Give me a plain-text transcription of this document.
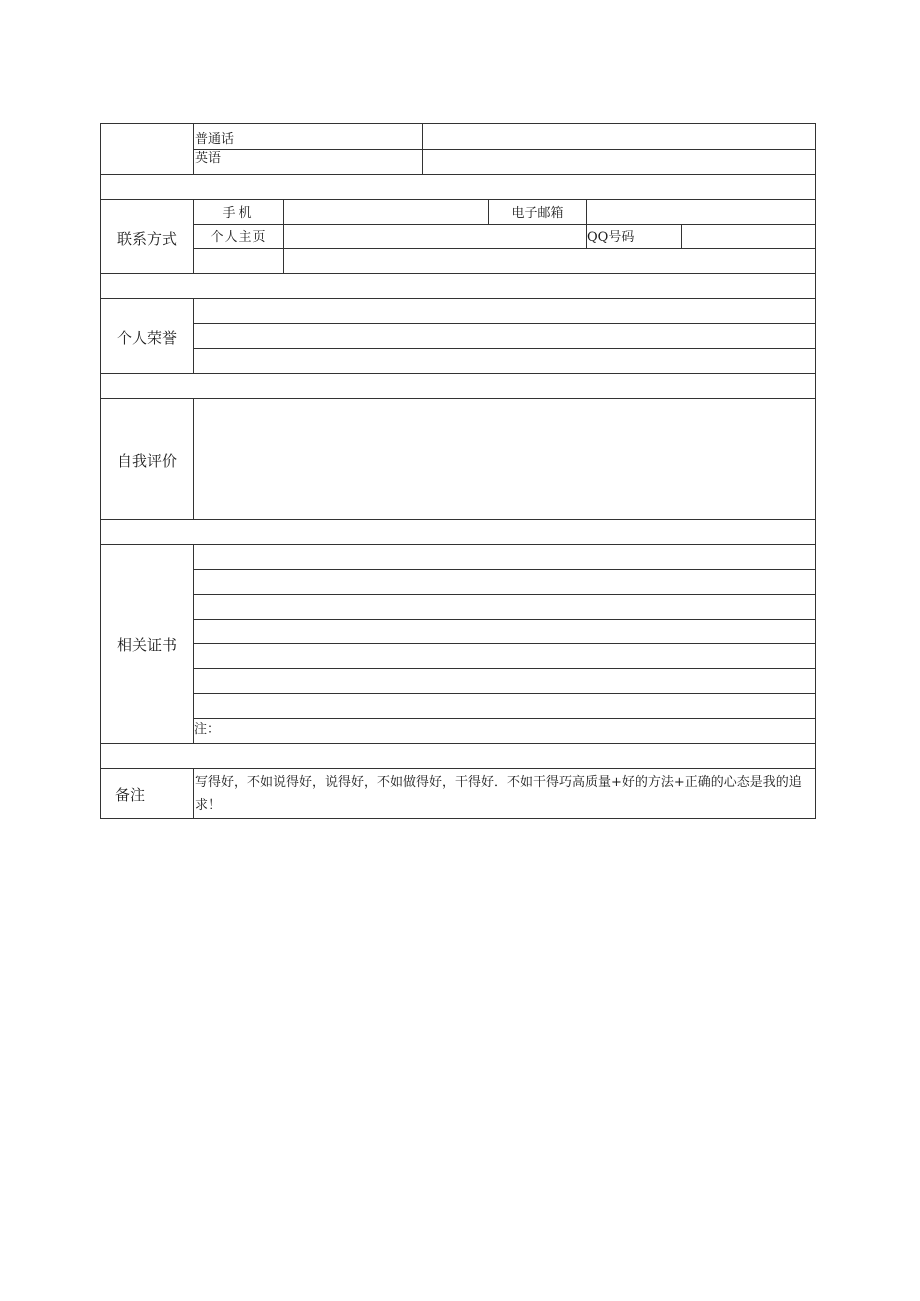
普通话
英语
联系方式
手机	电子邮箱
个人主页	QQ号码
个人荣誉
自我评价
相关证书
注：
备注
写得好，不如说得好，说得好，不如做得好，干得好．不如干得巧高质量+好的方法+正确的心态是我的追求！
